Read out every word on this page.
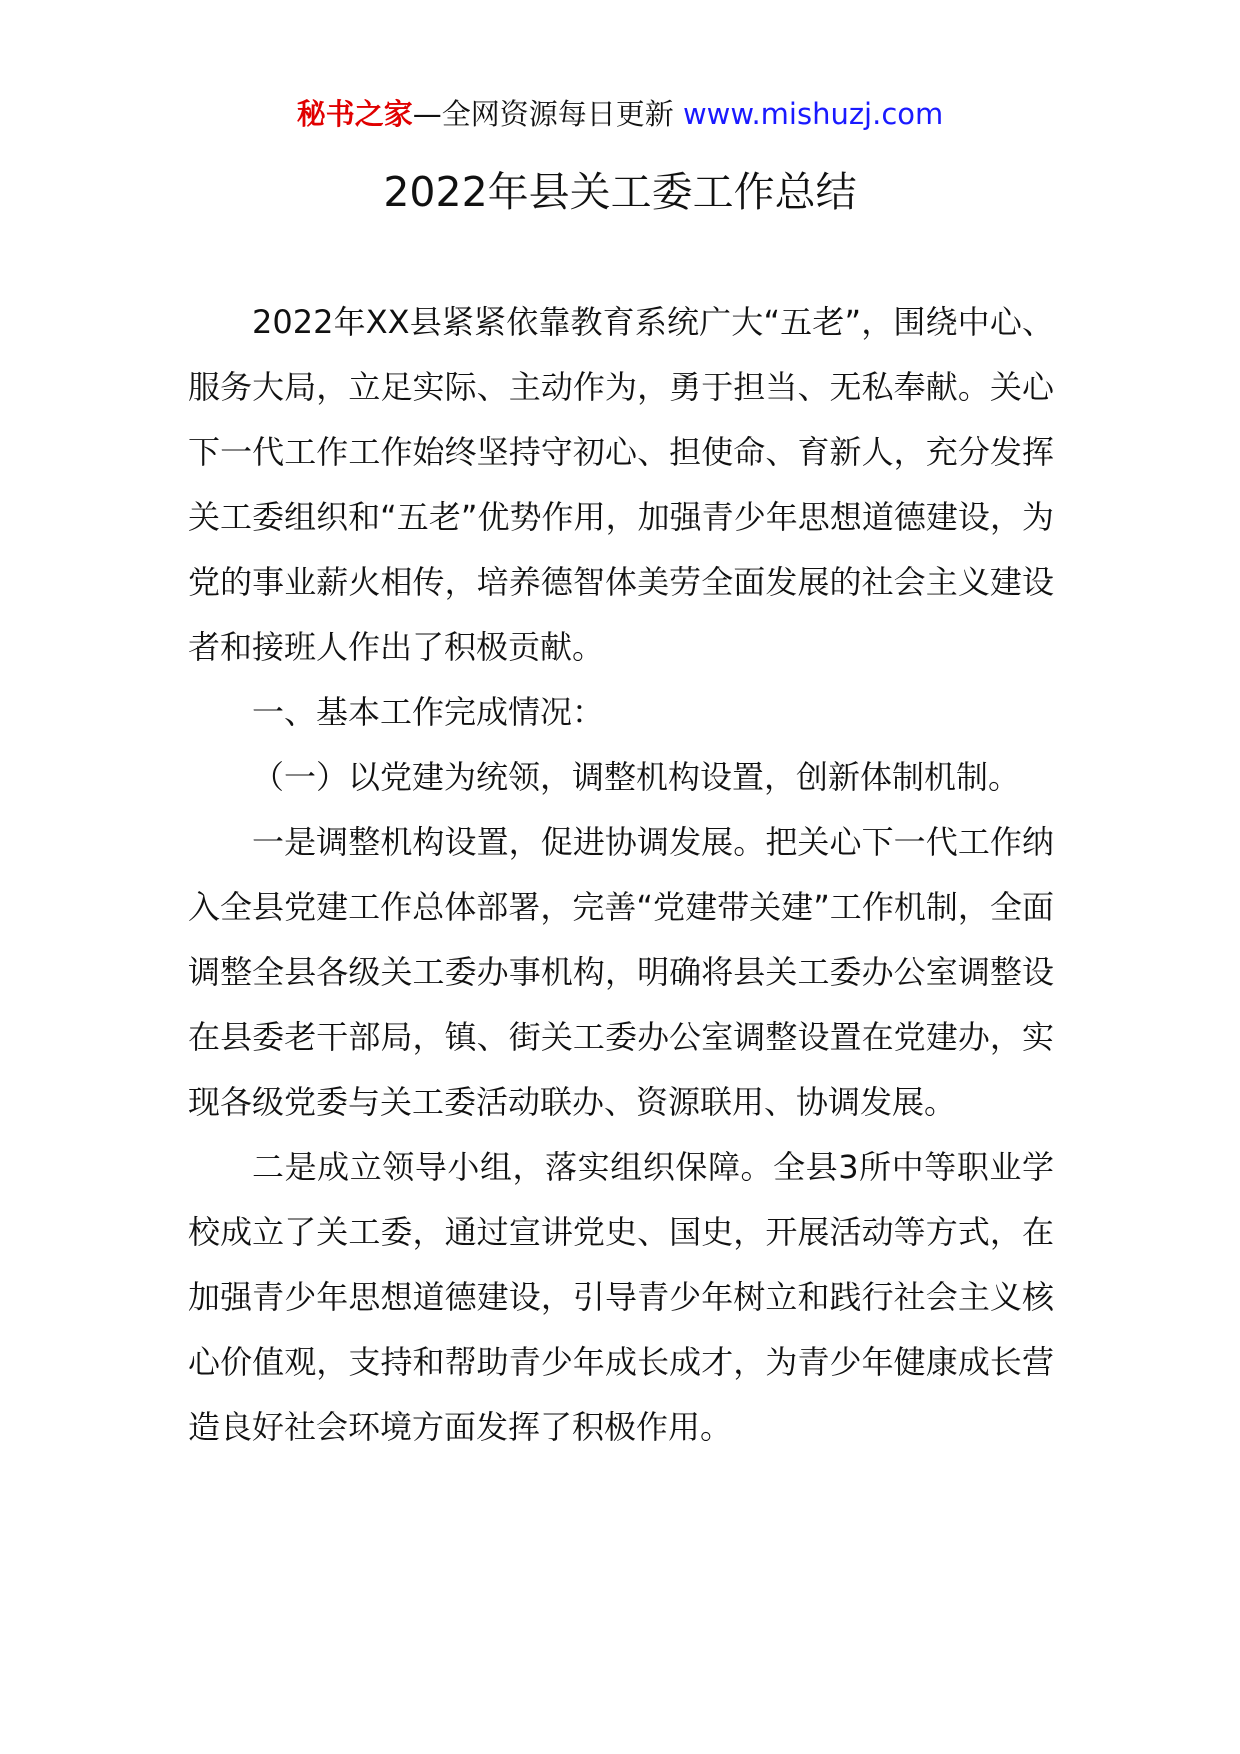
秘书之家—全网资源每日更新 www.mishuzj.com
2022年县关工委工作总结

2022年XX县紧紧依靠教育系统广大“五老”，围绕中心、服务大局，立足实际、主动作为，勇于担当、无私奉献。关心下一代工作工作始终坚持守初心、担使命、育新人，充分发挥关工委组织和“五老”优势作用，加强青少年思想道德建设，为党的事业薪火相传，培养德智体美劳全面发展的社会主义建设者和接班人作出了积极贡献。

一、基本工作完成情况：

（一）以党建为统领，调整机构设置，创新体制机制。

一是调整机构设置，促进协调发展。把关心下一代工作纳入全县党建工作总体部署，完善“党建带关建”工作机制，全面调整全县各级关工委办事机构，明确将县关工委办公室调整设在县委老干部局，镇、街关工委办公室调整设置在党建办，实现各级党委与关工委活动联办、资源联用、协调发展。

二是成立领导小组，落实组织保障。全县3所中等职业学校成立了关工委，通过宣讲党史、国史，开展活动等方式，在加强青少年思想道德建设，引导青少年树立和践行社会主义核心价值观，支持和帮助青少年成长成才，为青少年健康成长营造良好社会环境方面发挥了积极作用。
